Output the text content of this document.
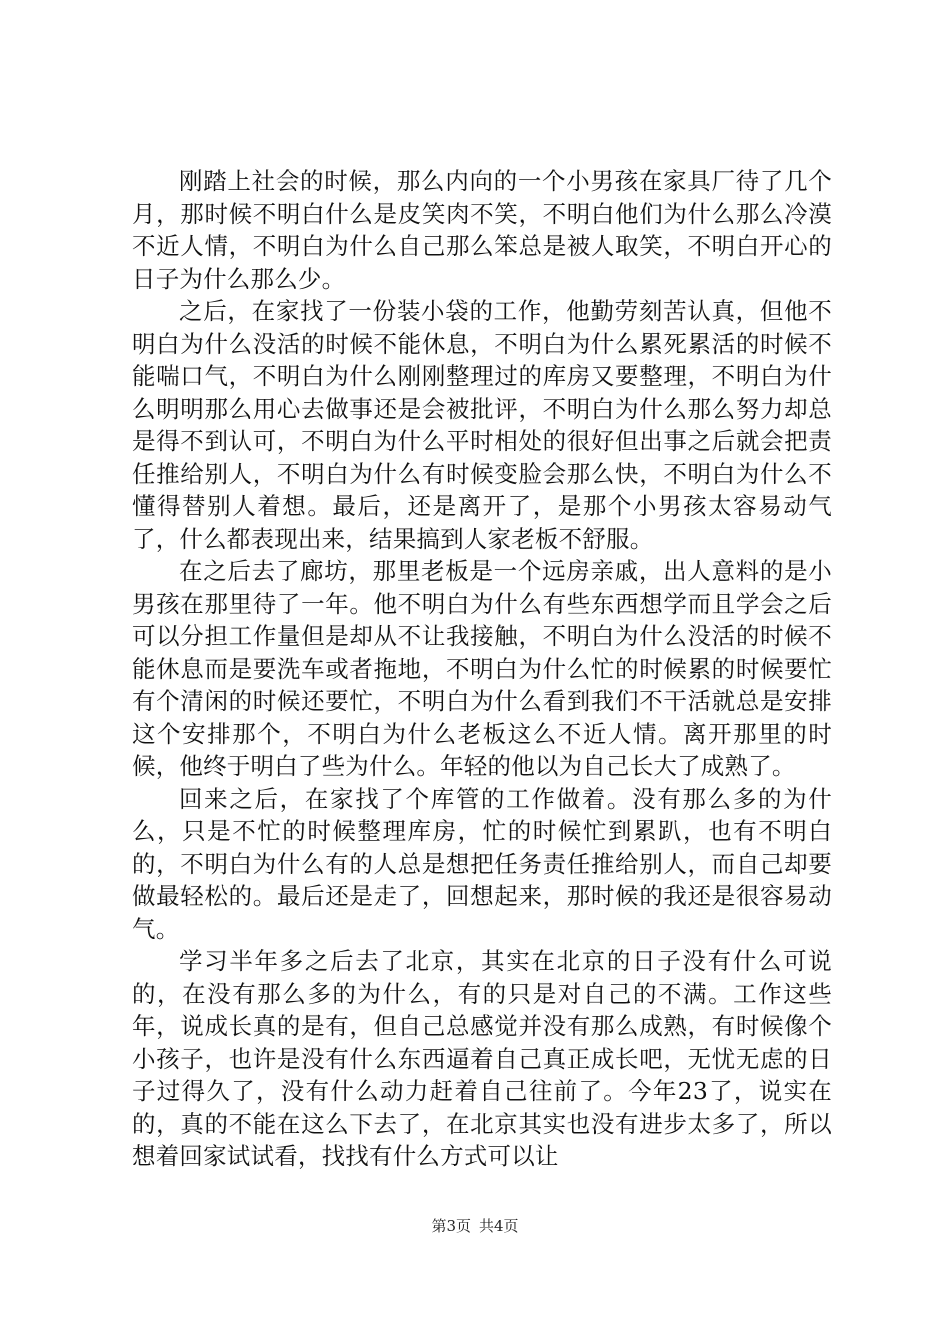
刚踏上社会的时候，那么内向的一个小男孩在家具厂待了几个月，那时候不明白什么是皮笑肉不笑，不明白他们为什么那么冷漠不近人情，不明白为什么自己那么笨总是被人取笑，不明白开心的日子为什么那么少。

之后，在家找了一份装小袋的工作，他勤劳刻苦认真，但他不明白为什么没活的时候不能休息，不明白为什么累死累活的时候不能喘口气，不明白为什么刚刚整理过的库房又要整理，不明白为什么明明那么用心去做事还是会被批评，不明白为什么那么努力却总是得不到认可，不明白为什么平时相处的很好但出事之后就会把责任推给别人，不明白为什么有时候变脸会那么快，不明白为什么不懂得替别人着想。最后，还是离开了，是那个小男孩太容易动气了，什么都表现出来，结果搞到人家老板不舒服。

在之后去了廊坊，那里老板是一个远房亲戚，出人意料的是小男孩在那里待了一年。他不明白为什么有些东西想学而且学会之后可以分担工作量但是却从不让我接触，不明白为什么没活的时候不能休息而是要洗车或者拖地，不明白为什么忙的时候累的时候要忙有个清闲的时候还要忙，不明白为什么看到我们不干活就总是安排这个安排那个，不明白为什么老板这么不近人情。离开那里的时候，他终于明白了些为什么。年轻的他以为自己长大了成熟了。

回来之后，在家找了个库管的工作做着。没有那么多的为什么，只是不忙的时候整理库房，忙的时候忙到累趴，也有不明白的，不明白为什么有的人总是想把任务责任推给别人，而自己却要做最轻松的。最后还是走了，回想起来，那时候的我还是很容易动气。

学习半年多之后去了北京，其实在北京的日子没有什么可说的，在没有那么多的为什么，有的只是对自己的不满。工作这些年，说成长真的是有，但自己总感觉并没有那么成熟，有时候像个小孩子，也许是没有什么东西逼着自己真正成长吧，无忧无虑的日子过得久了，没有什么动力赶着自己往前了。今年23了，说实在的，真的不能在这么下去了，在北京其实也没有进步太多了，所以想着回家试试看，找找有什么方式可以让

第3页 共4页
